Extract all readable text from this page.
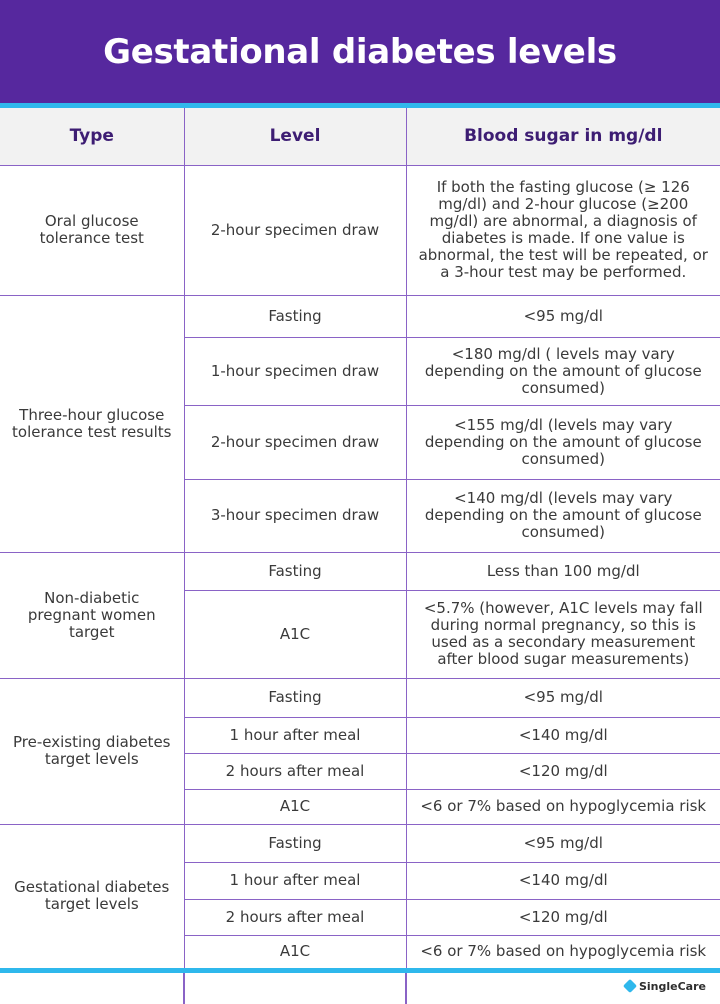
Gestational diabetes levels
Type	Level	Blood sugar in mg/dl
Oral glucose tolerance test	2-hour specimen draw	If both the fasting glucose (≥ 126 mg/dl) and 2-hour glucose (≥200 mg/dl) are abnormal, a diagnosis of diabetes is made. If one value is abnormal, the test will be repeated, or a 3-hour test may be performed.
Three-hour glucose tolerance test results	Fasting	<95 mg/dl
	1-hour specimen draw	<180 mg/dl ( levels may vary depending on the amount of glucose consumed)
	2-hour specimen draw	<155 mg/dl (levels may vary depending on the amount of glucose consumed)
	3-hour specimen draw	<140 mg/dl (levels may vary depending on the amount of glucose consumed)
Non-diabetic pregnant women target	Fasting	Less than 100 mg/dl
	A1C	<5.7% (however, A1C levels may fall during normal pregnancy, so this is used as a secondary measurement after blood sugar measurements)
Pre-existing diabetes target levels	Fasting	<95 mg/dl
	1 hour after meal	<140 mg/dl
	2 hours after meal	<120 mg/dl
	A1C	<6 or 7% based on hypoglycemia risk
Gestational diabetes target levels	Fasting	<95 mg/dl
	1 hour after meal	<140 mg/dl
	2 hours after meal	<120 mg/dl
	A1C	<6 or 7% based on hypoglycemia risk
SingleCare
